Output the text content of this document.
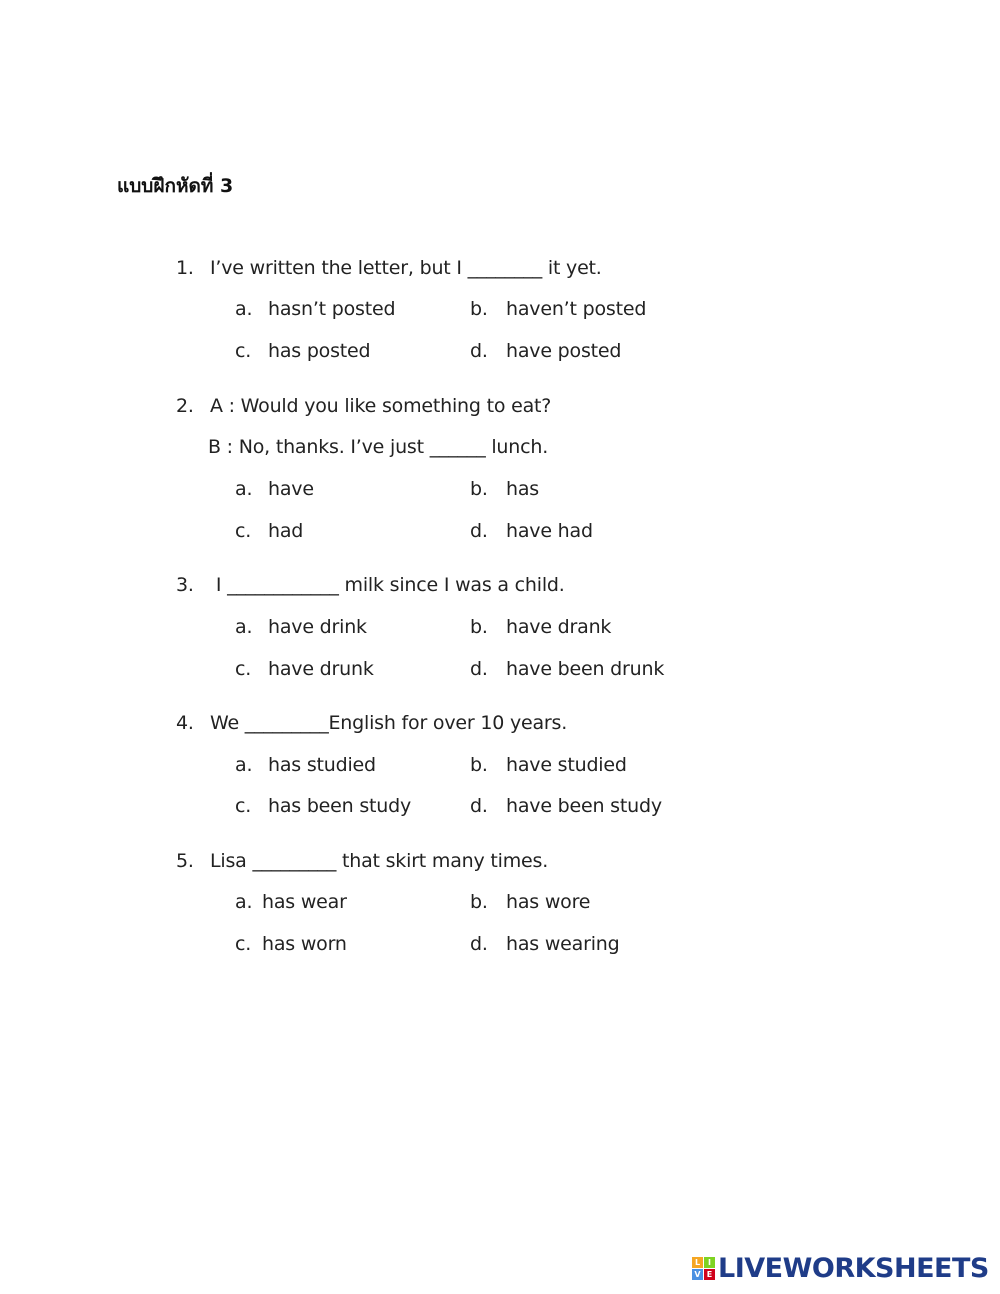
แบบฝึกหัดที่ 3
1. I’ve written the letter, but I ________ it yet.
a. hasn’t posted	b. haven’t posted
c. has posted	d. have posted
2. A : Would you like something to eat?
B : No, thanks. I’ve just ______ lunch.
a. have	b. has
c. had	d. have had
3. I ____________ milk since I was a child.
a. have drink	b. have drank
c. have drunk	d. have been drunk
4. We _________English for over 10 years.
a. has studied	b. have studied
c. has been study	d. have been study
5. Lisa _________ that skirt many times.
a. has wear	b. has wore
c. has worn	d. has wearing
L I
V E LIVEWORKSHEETS
